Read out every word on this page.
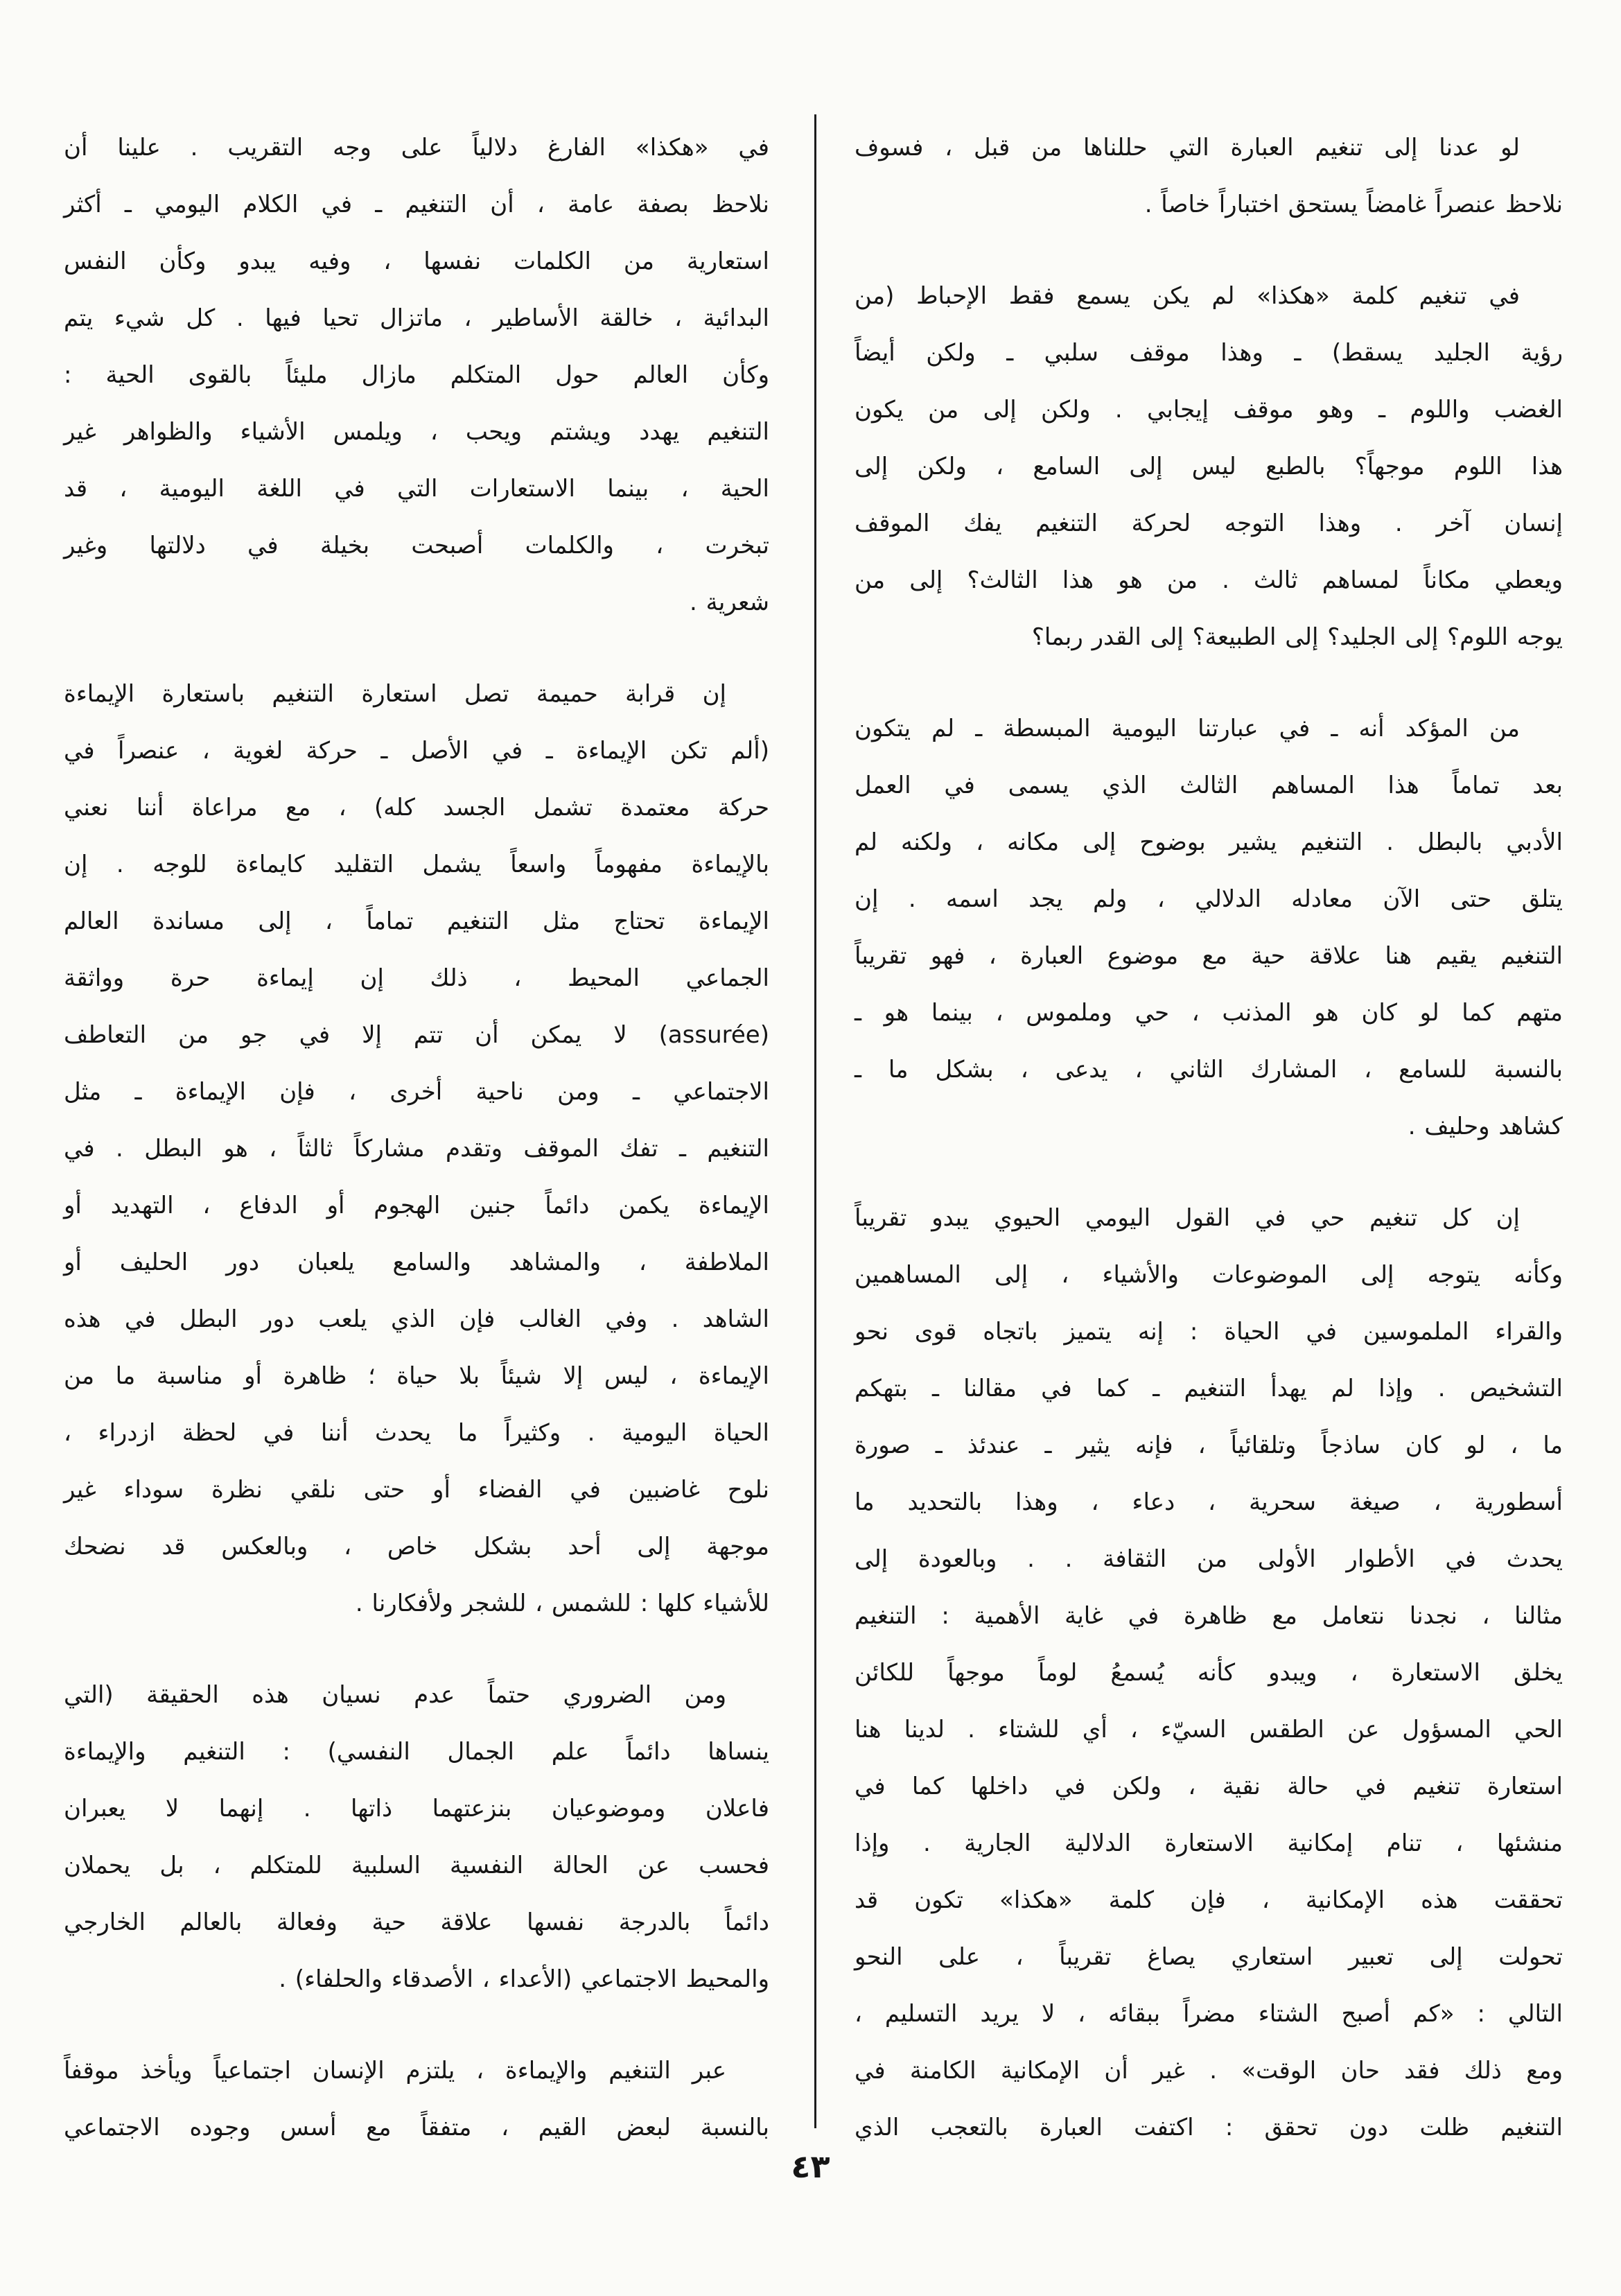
لو عدنا إلى تنغيم العبارة التي حللناها من قبل ، فسوف
نلاحظ عنصراً غامضاً يستحق اختباراً خاصاً .
في تنغيم كلمة «هكذا» لم يكن يسمع فقط الإحباط (من
رؤية الجليد يسقط) ـ وهذا موقف سلبي ـ ولكن أيضاً
الغضب واللوم ـ وهو موقف إيجابي . ولكن إلى من يكون
هذا اللوم موجهاً؟ بالطبع ليس إلى السامع ، ولكن إلى
إنسان آخر . وهذا التوجه لحركة التنغيم يفك الموقف
ويعطي مكاناً لمساهم ثالث . من هو هذا الثالث؟ إلى من
يوجه اللوم؟ إلى الجليد؟ إلى الطبيعة؟ إلى القدر ربما؟
من المؤكد أنه ـ في عبارتنا اليومية المبسطة ـ لم يتكون
بعد تماماً هذا المساهم الثالث الذي يسمى في العمل
الأدبي بالبطل . التنغيم يشير بوضوح إلى مكانه ، ولكنه لم
يتلق حتى الآن معادله الدلالي ، ولم يجد اسمه . إن
التنغيم يقيم هنا علاقة حية مع موضوع العبارة ، فهو تقريباً
متهم كما لو كان هو المذنب ، حي وملموس ، بينما هو ـ
بالنسبة للسامع ، المشارك الثاني ، يدعى ، بشكل ما ـ
كشاهد وحليف .
إن كل تنغيم حي في القول اليومي الحيوي يبدو تقريباً
وكأنه يتوجه إلى الموضوعات والأشياء ، إلى المساهمين
والقراء الملموسين في الحياة : إنه يتميز باتجاه قوى نحو
التشخيص . وإذا لم يهدأ التنغيم ـ كما في مقالنا ـ بتهكم
ما ، لو كان ساذجاً وتلقائياً ، فإنه يثير ـ عندئذ ـ صورة
أسطورية ، صيغة سحرية ، دعاء ، وهذا بالتحديد ما
يحدث في الأطوار الأولى من الثقافة . . وبالعودة إلى
مثالنا ، نجدنا نتعامل مع ظاهرة في غاية الأهمية : التنغيم
يخلق الاستعارة ، ويبدو كأنه يُسمعُ لوماً موجهاً للكائن
الحي المسؤول عن الطقس السيّء ، أي للشتاء . لدينا هنا
استعارة تنغيم في حالة نقية ، ولكن في داخلها كما في
منشئها ، تنام إمكانية الاستعارة الدلالية الجارية . وإذا
تحققت هذه الإمكانية ، فإن كلمة «هكذا» تكون قد
تحولت إلى تعبير استعاري يصاغ تقريباً ، على النحو
التالي : «كم أصبح الشتاء مضراً ببقائه ، لا يريد التسليم ،
ومع ذلك فقد حان الوقت» . غير أن الإمكانية الكامنة في
التنغيم ظلت دون تحقق : اكتفت العبارة بالتعجب الذي
في «هكذا» الفارغ دلالياً على وجه التقريب . علينا أن
نلاحظ بصفة عامة ، أن التنغيم ـ في الكلام اليومي ـ أكثر
استعارية من الكلمات نفسها ، وفيه يبدو وكأن النفس
البدائية ، خالقة الأساطير ، ماتزال تحيا فيها . كل شيء يتم
وكأن العالم حول المتكلم مازال مليئاً بالقوى الحية :
التنغيم يهدد ويشتم ويحب ، ويلمس الأشياء والظواهر غير
الحية ، بينما الاستعارات التي في اللغة اليومية ، قد
تبخرت ، والكلمات أصبحت بخيلة في دلالتها وغير
شعرية .
إن قرابة حميمة تصل استعارة التنغيم باستعارة الإيماءة
(ألم تكن الإيماءة ـ في الأصل ـ حركة لغوية ، عنصراً في
حركة معتمدة تشمل الجسد كله) ، مع مراعاة أننا نعني
بالإيماءة مفهوماً واسعاً يشمل التقليد كايماءة للوجه . إن
الإيماءة تحتاج مثل التنغيم تماماً ، إلى مساندة العالم
الجماعي المحيط ، ذلك إن إيماءة حرة وواثقة
(assurée) لا يمكن أن تتم إلا في جو من التعاطف
الاجتماعي ـ ومن ناحية أخرى ، فإن الإيماءة ـ مثل
التنغيم ـ تفك الموقف وتقدم مشاركاً ثالثاً ، هو البطل . في
الإيماءة يكمن دائماً جنين الهجوم أو الدفاع ، التهديد أو
الملاطفة ، والمشاهد والسامع يلعبان دور الحليف أو
الشاهد . وفي الغالب فإن الذي يلعب دور البطل في هذه
الإيماءة ، ليس إلا شيئاً بلا حياة ؛ ظاهرة أو مناسبة ما من
الحياة اليومية . وكثيراً ما يحدث أننا في لحظة ازدراء ،
نلوح غاضبين في الفضاء أو حتى نلقي نظرة سوداء غير
موجهة إلى أحد بشكل خاص ، وبالعكس قد نضحك
للأشياء كلها : للشمس ، للشجر ولأفكارنا .
ومن الضروري حتماً عدم نسيان هذه الحقيقة (التي
ينساها دائماً علم الجمال النفسي) : التنغيم والإيماءة
فاعلان وموضوعيان بنزعتهما ذاتها . إنهما لا يعبران
فحسب عن الحالة النفسية السلبية للمتكلم ، بل يحملان
دائماً بالدرجة نفسها علاقة حية وفعالة بالعالم الخارجي
والمحيط الاجتماعي (الأعداء ، الأصدقاء والحلفاء) .
عبر التنغيم والإيماءة ، يلتزم الإنسان اجتماعياً ويأخذ موقفاً
بالنسبة لبعض القيم ، متفقاً مع أسس وجوده الاجتماعي
٤٣
